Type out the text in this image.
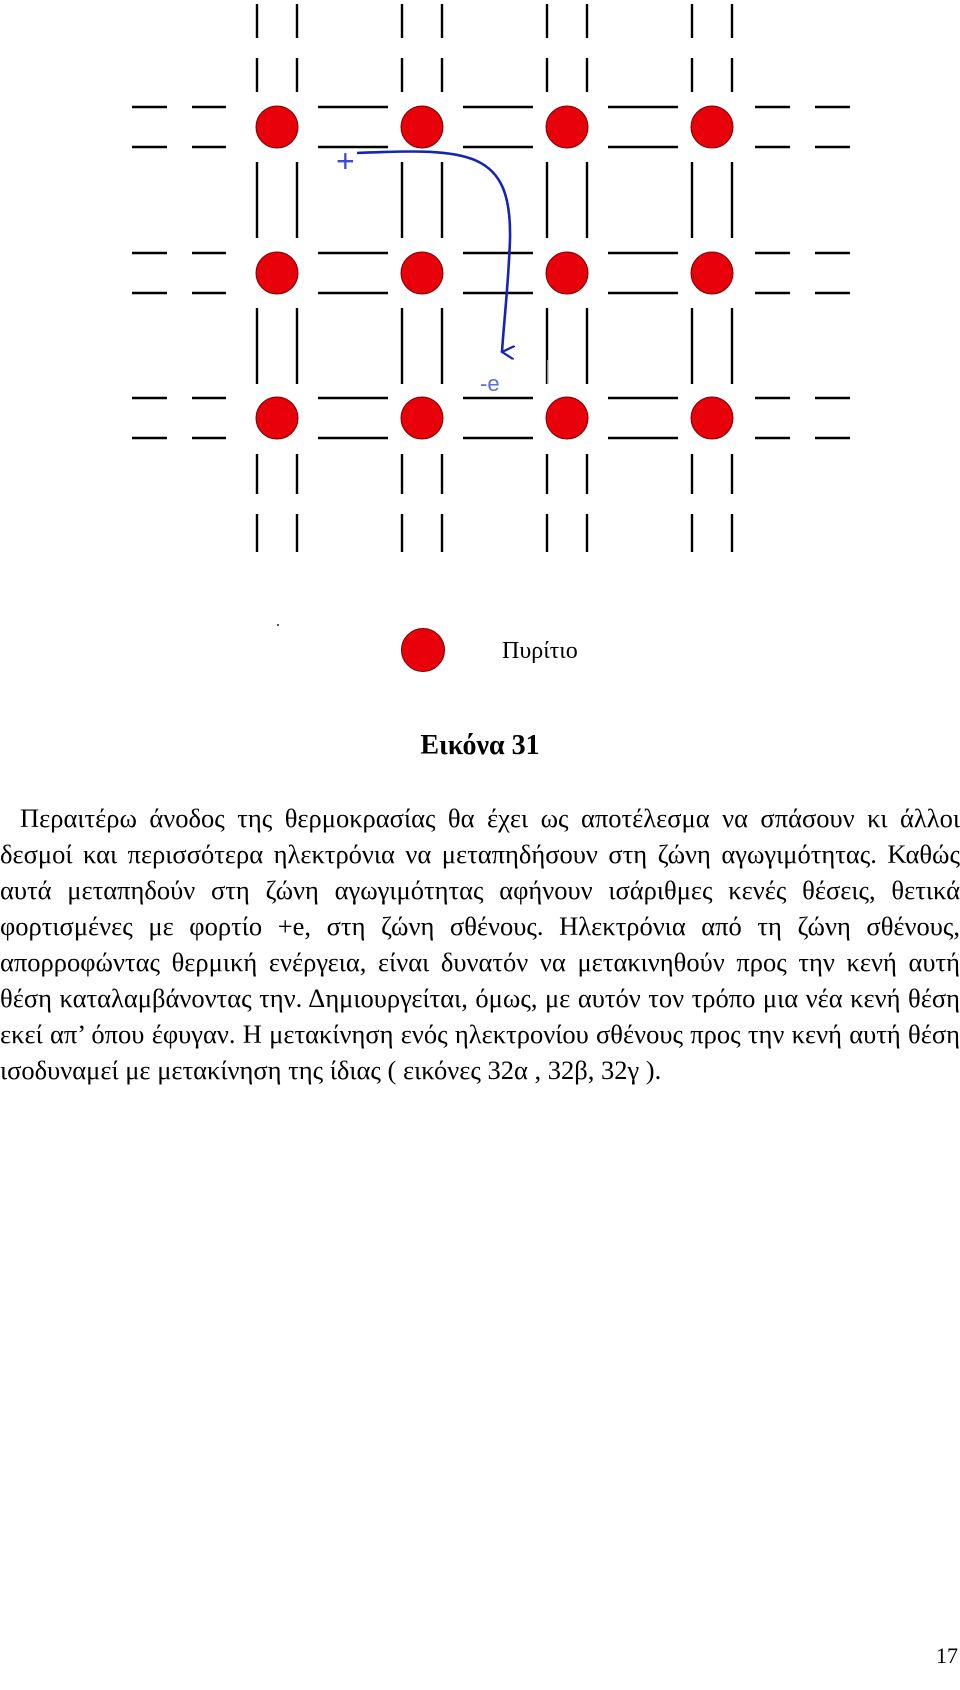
+
-e
Πυρίτιο
Εικόνα 31

Περαιτέρω άνοδος της θερμοκρασίας θα έχει ως αποτέλεσμα να σπάσουν κι άλλοι δεσμοί και περισσότερα ηλεκτρόνια να μεταπηδήσουν στη ζώνη αγωγιμότητας. Καθώς αυτά μεταπηδούν στη ζώνη αγωγιμότητας αφήνουν ισάριθμες κενές θέσεις, θετικά φορτισμένες με φορτίο +e, στη ζώνη σθένους. Ηλεκτρόνια από τη ζώνη σθένους, απορροφώντας θερμική ενέργεια, είναι δυνατόν να μετακινηθούν προς την κενή αυτή θέση καταλαμβάνοντας την. Δημιουργείται, όμως, με αυτόν τον τρόπο μια νέα κενή θέση εκεί απ’ όπου έφυγαν. Η μετακίνηση ενός ηλεκτρονίου σθένους προς την κενή αυτή θέση ισοδυναμεί με μετακίνηση της ίδιας ( εικόνες 32α , 32β, 32γ ).

17
